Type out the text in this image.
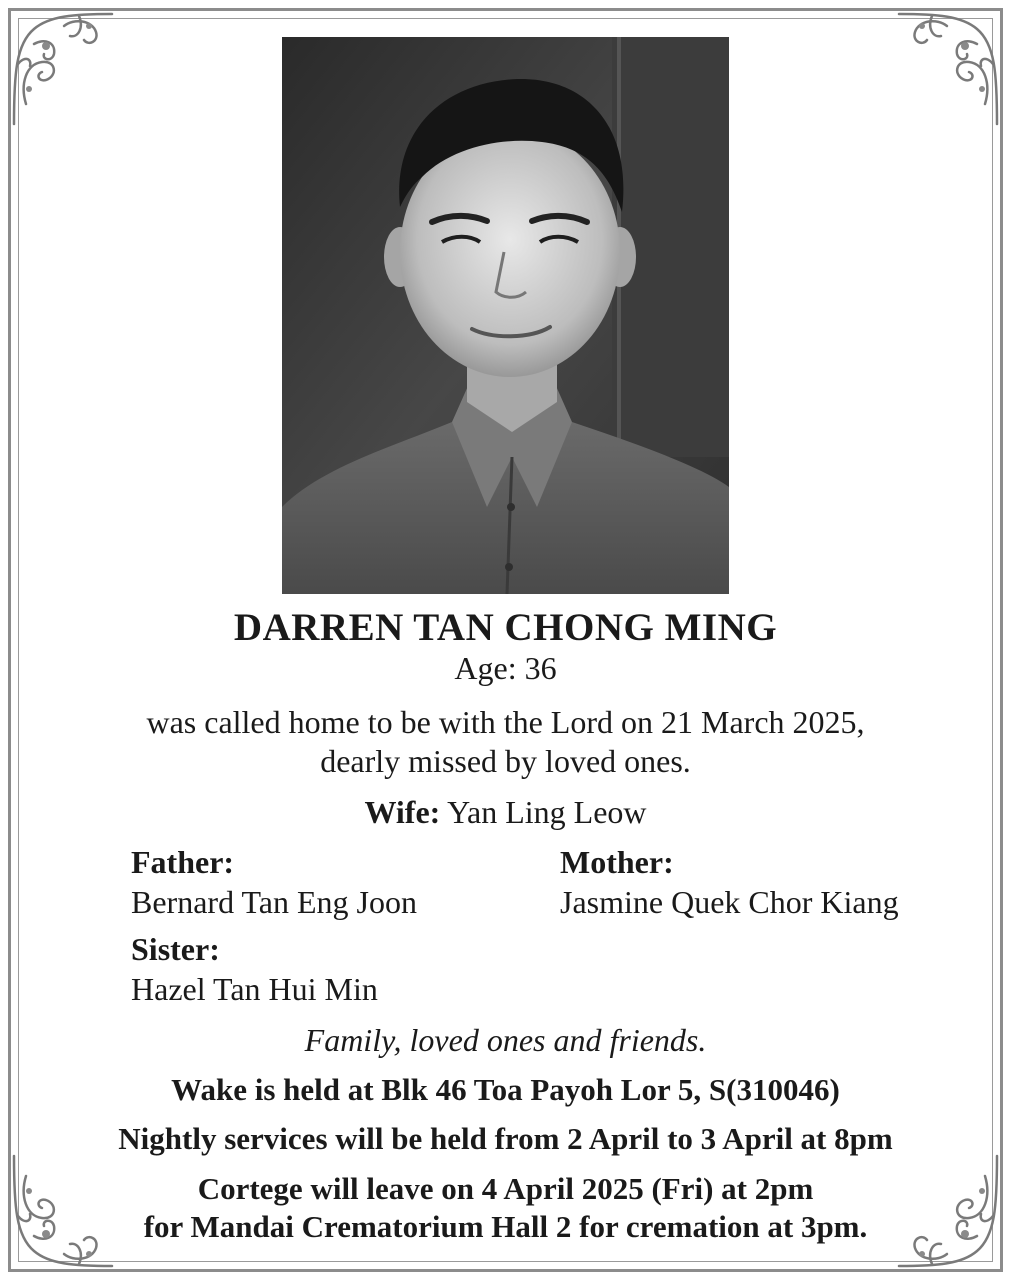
DARREN TAN CHONG MING
Age: 36
was called home to be with the Lord on 21 March 2025,
dearly missed by loved ones.
Wife: Yan Ling Leow
Father:
Bernard Tan Eng Joon
Mother:
Jasmine Quek Chor Kiang
Sister:
Hazel Tan Hui Min
Family, loved ones and friends.
Wake is held at Blk 46 Toa Payoh Lor 5, S(310046)
Nightly services will be held from 2 April to 3 April at 8pm
Cortege will leave on 4 April 2025 (Fri) at 2pm
for Mandai Crematorium Hall 2 for cremation at 3pm.
